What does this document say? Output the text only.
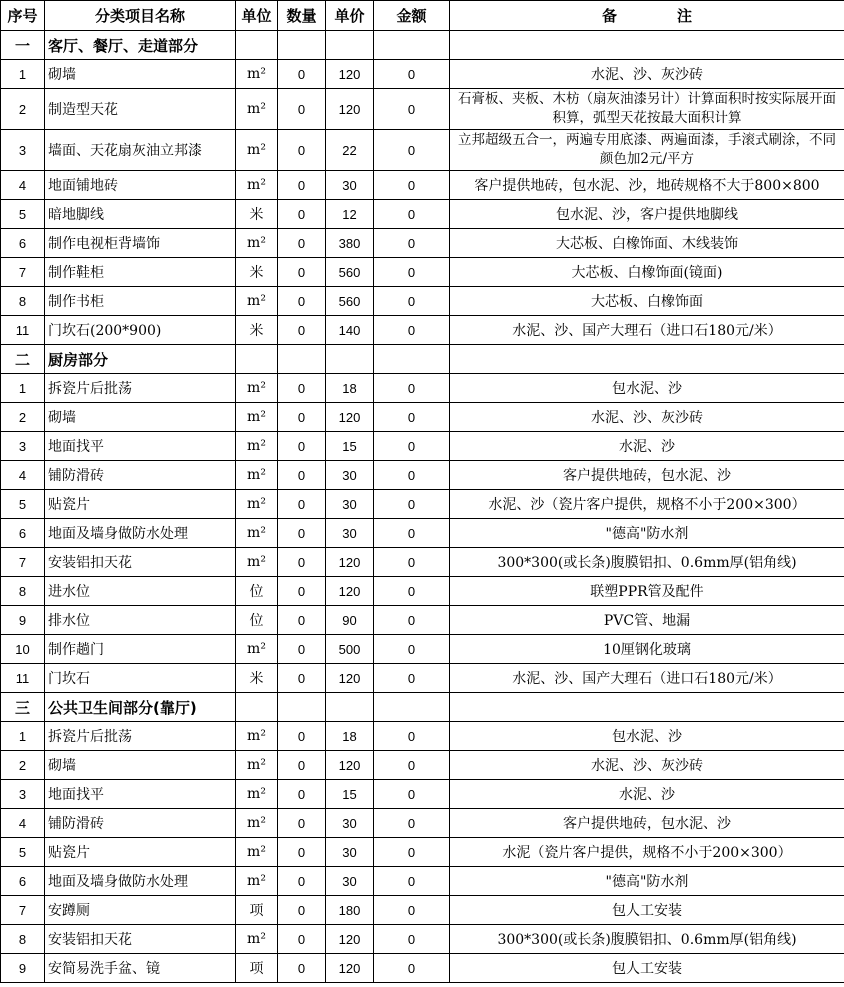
序号	分类项目名称	单位	数量	单价	金额	备　　　　注
一	客厅、餐厅、走道部分					
1	砌墙	m²	0	120	0	水泥、沙、灰沙砖
2	制造型天花	m²	0	120	0	石膏板、夹板、木枋（扇灰油漆另计）计算面积时按实际展开面积算，弧型天花按最大面积计算
3	墙面、天花扇灰油立邦漆	m²	0	22	0	立邦超级五合一，两遍专用底漆、两遍面漆，手滚式刷涂，不同颜色加2元/平方
4	地面铺地砖	m²	0	30	0	客户提供地砖，包水泥、沙，地砖规格不大于800×800
5	暗地脚线	米	0	12	0	包水泥、沙，客户提供地脚线
6	制作电视柜背墙饰	m²	0	380	0	大芯板、白橡饰面、木线装饰
7	制作鞋柜	米	0	560	0	大芯板、白橡饰面(镜面)
8	制作书柜	m²	0	560	0	大芯板、白橡饰面
11	门坎石(200*900)	米	0	140	0	水泥、沙、国产大理石（进口石180元/米）
二	厨房部分					
1	拆瓷片后批荡	m²	0	18	0	包水泥、沙
2	砌墙	m²	0	120	0	水泥、沙、灰沙砖
3	地面找平	m²	0	15	0	水泥、沙
4	铺防滑砖	m²	0	30	0	客户提供地砖，包水泥、沙
5	贴瓷片	m²	0	30	0	水泥、沙（瓷片客户提供，规格不小于200×300）
6	地面及墙身做防水处理	m²	0	30	0	"德高"防水剂
7	安装铝扣天花	m²	0	120	0	300*300(或长条)腹膜铝扣、0.6mm厚(铝角线)
8	进水位	位	0	120	0	联塑PPR管及配件
9	排水位	位	0	90	0	PVC管、地漏
10	制作趟门	m²	0	500	0	10厘钢化玻璃
11	门坎石	米	0	120	0	水泥、沙、国产大理石（进口石180元/米）
三	公共卫生间部分(靠厅)					
1	拆瓷片后批荡	m²	0	18	0	包水泥、沙
2	砌墙	m²	0	120	0	水泥、沙、灰沙砖
3	地面找平	m²	0	15	0	水泥、沙
4	铺防滑砖	m²	0	30	0	客户提供地砖，包水泥、沙
5	贴瓷片	m²	0	30	0	水泥（瓷片客户提供，规格不小于200×300）
6	地面及墙身做防水处理	m²	0	30	0	"德高"防水剂
7	安蹲厕	项	0	180	0	包人工安装
8	安装铝扣天花	m²	0	120	0	300*300(或长条)腹膜铝扣、0.6mm厚(铝角线)
9	安简易洗手盆、镜	项	0	120	0	包人工安装
